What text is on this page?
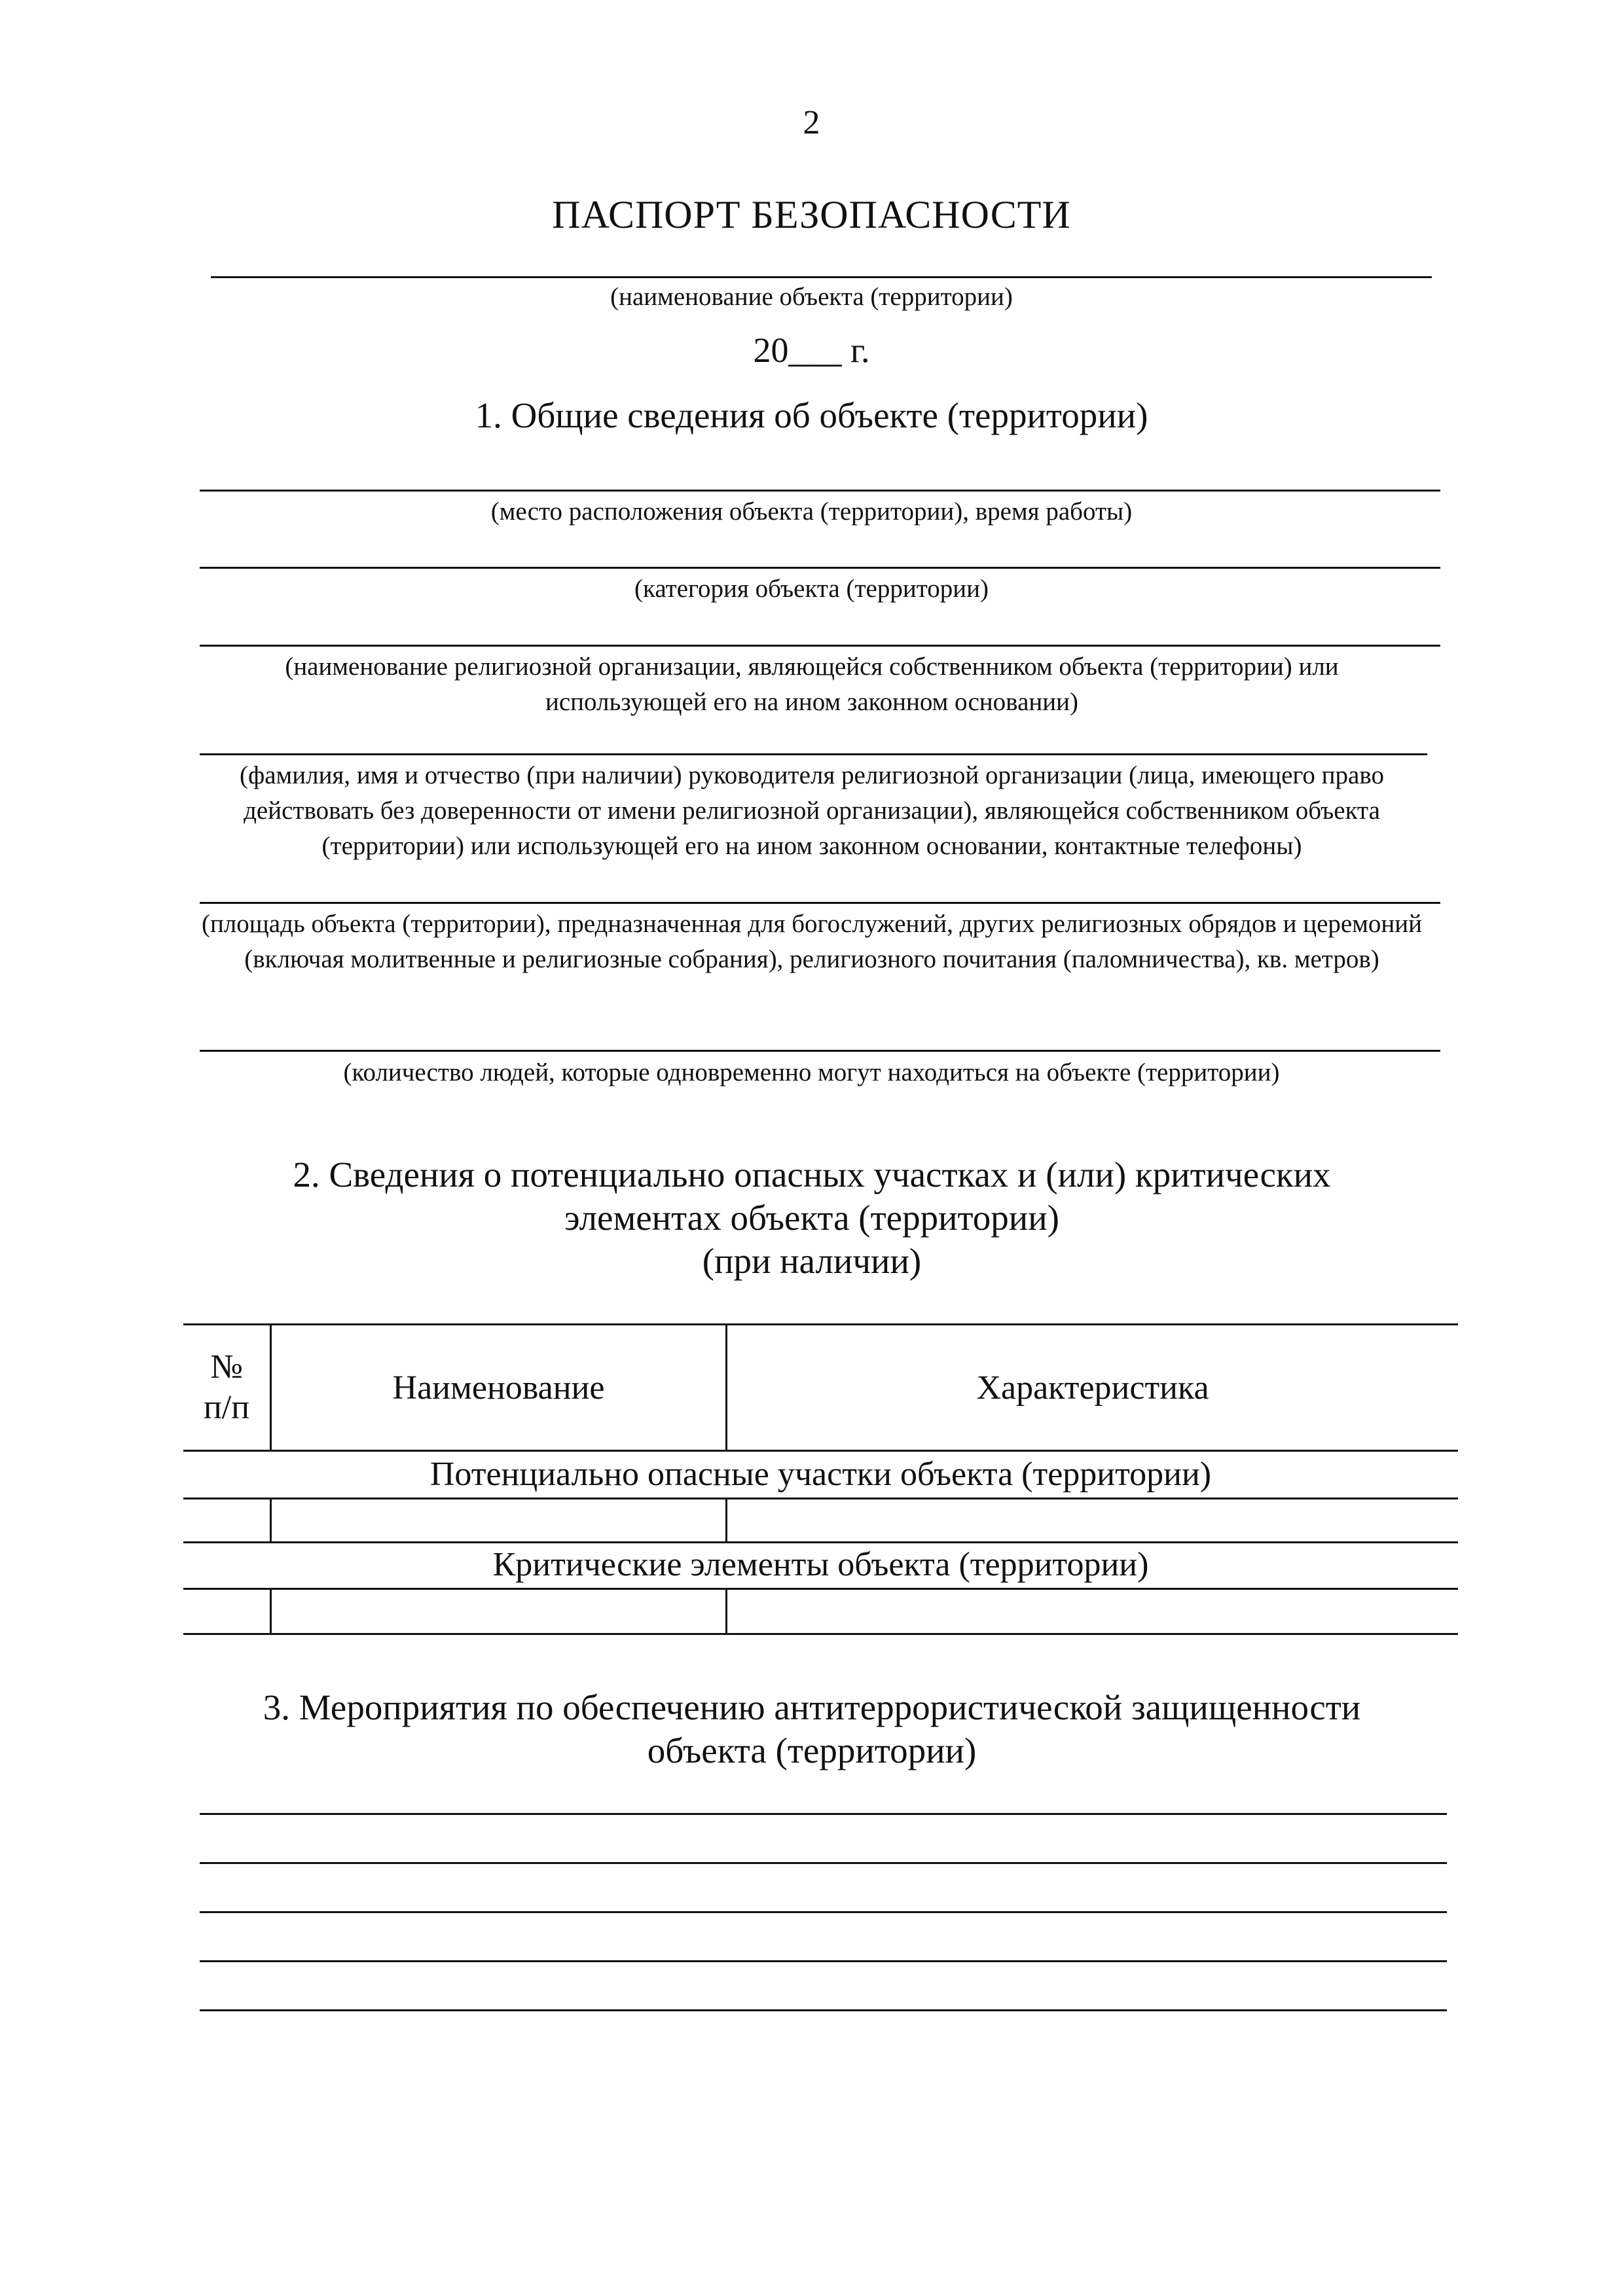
2
ПАСПОРТ БЕЗОПАСНОСТИ
(наименование объекта (территории)
20___ г.
1. Общие сведения об объекте (территории)
(место расположения объекта (территории), время работы)
(категория объекта (территории)
(наименование религиозной организации, являющейся собственником объекта (территории) или использующей его на ином законном основании)
(фамилия, имя и отчество (при наличии) руководителя религиозной организации (лица, имеющего право действовать без доверенности от имени религиозной организации), являющейся собственником объекта (территории) или использующей его на ином законном основании, контактные телефоны)
(площадь объекта (территории), предназначенная для богослужений, других религиозных обрядов и церемоний (включая молитвенные и религиозные собрания), религиозного почитания (паломничества), кв. метров)
(количество людей, которые одновременно могут находиться на объекте (территории)
2. Сведения о потенциально опасных участках и (или) критических
элементах объекта (территории)
(при наличии)
№
п/п
Наименование	Характеристика
Потенциально опасные участки объекта (территории)
Критические элементы объекта (территории)
3. Мероприятия по обеспечению антитеррористической защищенности
объекта (территории)
